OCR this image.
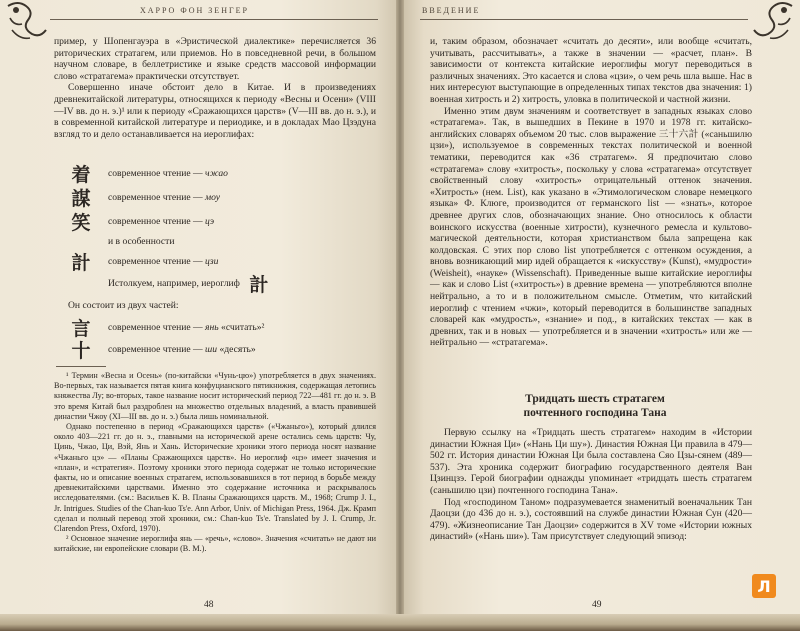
ХАРРО ФОН ЗЕНГЕР

пример, у Шопенгауэра в «Эристической диалектике» перечисляется 36 риторических стратагем, или приемов. Но в повседневной речи, в большом научном словаре, в беллетристике и языке средств массовой информации слово «стратагема» практически отсутствует.

Совершенно иначе обстоит дело в Китае. И в произведениях древнекитайской литературы, относящихся к периоду «Весны и Осени» (VIII—IV вв. до н. э.)¹ или к периоду «Сражающихся царств» (V—III вв. до н. э.), и в современной китайской литературе и периодике, и в докладах Мао Цзэдуна взгляд то и дело останавливается на иероглифах:

着	современное чтение — чжао
謀	современное чтение — моу
笑	современное чтение — цэ
и в особенности
計	современное чтение — цзи
Истолкуем, например, иероглиф 計
Он состоит из двух частей:
言	современное чтение — янь «считать»²
十	современное чтение — ши «десять»

¹ Термин «Весна и Осень» (по-китайски «Чунь-цю») употребляется в двух значениях. Во-первых, так называется пятая книга конфуцианского пятикнижия, содержащая летопись княжества Лу; во-вторых, такое название носит исторический период 722—481 гг. до н. э. В это время Китай был раздроблен на множество отдельных владений, а власть правившей династии Чжоу (XI—III вв. до н. э.) была лишь номинальной.

Однако постепенно в период «Сражающихся царств» («Чжаньго»), который длился около 403—221 гг. до н. э., главными на исторической арене остались семь царств: Чу, Цинь, Чжао, Ци, Вэй, Янь и Хань. Исторические хроники этого периода носят название «Чжаньго цэ» — «Планы Сражающихся царств». Но иероглиф «цэ» имеет значения и «план», и «стратегия». Поэтому хроники этого периода содержат не только исторические факты, но и описание военных стратагем, использовавшихся в тот период в борьбе между древнекитайскими царствами. Именно это содержание источника и раскрывалось исследователями. (см.: Васильев К. В. Планы Сражающихся царств. М., 1968; Crump J. I., Jr. Intrigues. Studies of the Chan-kuo Ts'e. Ann Arbor, Univ. of Michigan Press, 1964. Дж. Крамп сделал и полный перевод этой хроники, см.: Chan-kuo Ts'e. Translated by J. I. Crump, Jr. Clarendon Press, Oxford, 1970).

² Основное значение иероглифа янь — «речь», «слово». Значения «считать» не дают ни китайские, ни европейские словари (В. М.).

48
ВВЕДЕНИЕ

и, таким образом, обозначает «считать до десяти», или вообще «считать, учитывать, рассчитывать», а также в значении — «расчет, план». В зависимости от контекста китайские иероглифы могут переводиться в различных значениях. Это касается и слова «цзи», о чем речь шла выше. Нас в них интересуют выступающие в определенных типах текстов два значения: 1) военная хитрость и 2) хитрость, уловка в политической и частной жизни.

Именно этим двум значениям и соответствует в западных языках слово «стратагема». Так, в вышедших в Пекине в 1970 и 1978 гг. китайско-английских словарях объемом 20 тыс. слов выражение 三十六計 («саньшилю цзи»), используемое в современных текстах политической и военной тематики, переводится как «36 стратагем». Я предпочитаю слово «стратагема» слову «хитрость», поскольку у слова «стратагема» отсутствует свойственный слову «хитрость» отрицательный оттенок значения. «Хитрость» (нем. List), как указано в «Этимологическом словаре немецкого языка» Ф. Клюге, производится от германского list — «знать», которое древнее других слов, обозначающих знание. Оно относилось к области воинского искусства (военные хитрости), кузнечного ремесла и культово-магической деятельности, которая христианством была запрещена как колдовская. С этих пор слово list употребляется с оттенком осуждения, а вновь возникающий мир идей обращается к «искусству» (Kunst), «мудрости» (Weisheit), «науке» (Wissenschaft). Приведенные выше китайские иероглифы — как и слово List («хитрость») в древние времена — употребляются вполне нейтрально, а то и в положительном смысле. Отметим, что китайский иероглиф с чтением «чжи», который переводится в большинстве западных словарей как «мудрость», «знание» и под., в китайских текстах — как в древних, так и в новых — употребляется и в значении «хитрость» или же — нейтрально — «стратагема».

Тридцать шесть стратагем
почтенного господина Тана

Первую ссылку на «Тридцать шесть стратагем» находим в «Истории династии Южная Ци» («Нань Ци шу»). Династия Южная Ци правила в 479—502 гг. История династии Южная Ци была составлена Сяо Цзы-сянем (489—537). Эта хроника содержит биографию государственного деятеля Ван Цзинцзэ. Герой биографии однажды упоминает «тридцать шесть стратагем (саньшилю цзи) почтенного господина Тана».

Под «господином Таном» подразумевается знаменитый военачальник Тан Даоцзи (до 436 до н. э.), состоявший на службе династии Южная Сун (420—479). «Жизнеописание Тан Даоцзи» содержится в XV томе «Истории южных династий» («Нань ши»). Там присутствует следующий эпизод:

49
Л
